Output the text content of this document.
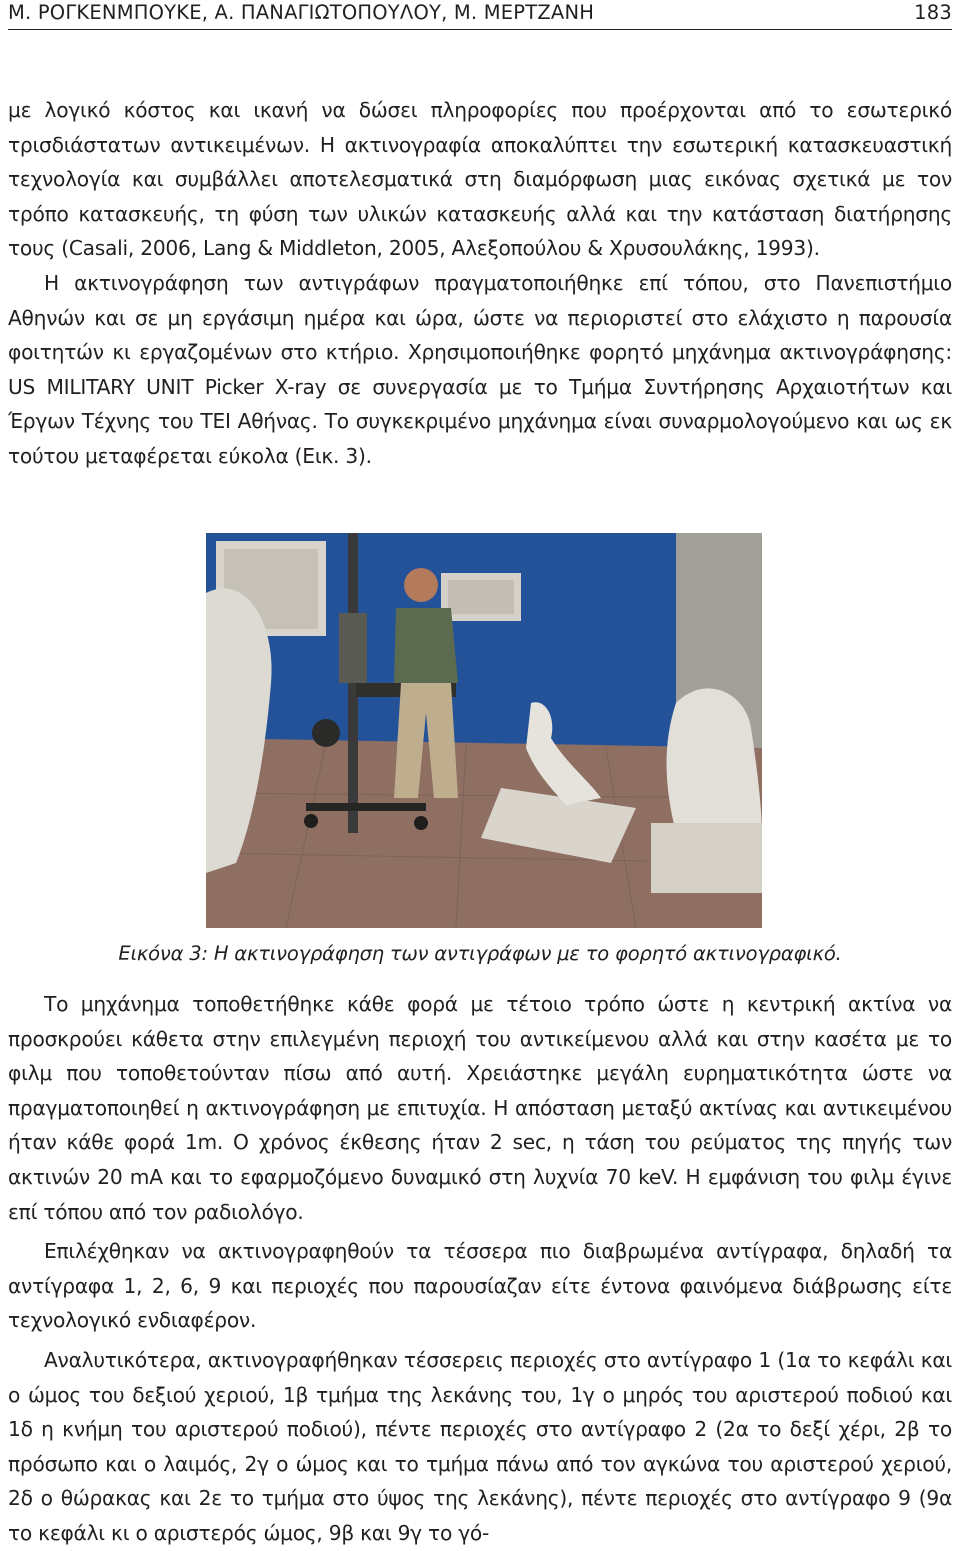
Μ. ΡΟΓΚΕΝΜΠΟΥΚΕ, Α. ΠΑΝΑΓΙΩΤΟΠΟΥΛΟΥ, Μ. ΜΕΡΤΖΑΝΗ	183

με λογικό κόστος και ικανή να δώσει πληροφορίες που προέρχονται από το εσωτερικό τρισδιάστατων αντικειμένων. Η ακτινογραφία αποκαλύπτει την εσωτερική κατασκευαστική τεχνολογία και συμβάλλει αποτελεσματικά στη διαμόρφωση μιας εικόνας σχετικά με τον τρόπο κατασκευής, τη φύση των υλικών κατασκευής αλλά και την κατάσταση διατήρησης τους (Casali, 2006, Lang & Middleton, 2005, Αλεξοπούλου & Χρυσουλάκης, 1993).

Η ακτινογράφηση των αντιγράφων πραγματοποιήθηκε επί τόπου, στο Πανεπιστήμιο Αθηνών και σε μη εργάσιμη ημέρα και ώρα, ώστε να περιοριστεί στο ελάχιστο η παρουσία φοιτητών κι εργαζομένων στο κτήριο. Χρησιμοποιήθηκε φορητό μηχάνημα ακτινογράφησης: US MILITARY UNIT Picker X-ray σε συνεργασία με το Τμήμα Συντήρησης Αρχαιοτήτων και Έργων Τέχνης του ΤΕΙ Αθήνας. Το συγκεκριμένο μηχάνημα είναι συναρμολογούμενο και ως εκ τούτου μεταφέρεται εύκολα (Εικ. 3).

Εικόνα 3: Η ακτινογράφηση των αντιγράφων με το φορητό ακτινογραφικό.

Το μηχάνημα τοποθετήθηκε κάθε φορά με τέτοιο τρόπο ώστε η κεντρική ακτίνα να προσκρούει κάθετα στην επιλεγμένη περιοχή του αντικείμενου αλλά και στην κασέτα με το φιλμ που τοποθετούνταν πίσω από αυτή. Χρειάστηκε μεγάλη ευρηματικότητα ώστε να πραγματοποιηθεί η ακτινογράφηση με επιτυχία. Η απόσταση μεταξύ ακτίνας και αντικειμένου ήταν κάθε φορά 1m. Ο χρόνος έκθεσης ήταν 2 sec, η τάση του ρεύματος της πηγής των ακτινών 20 mA και το εφαρμοζόμενο δυναμικό στη λυχνία 70 keV. Η εμφάνιση του φιλμ έγινε επί τόπου από τον ραδιολόγο.

Επιλέχθηκαν να ακτινογραφηθούν τα τέσσερα πιο διαβρωμένα αντίγραφα, δηλαδή τα αντίγραφα 1, 2, 6, 9 και περιοχές που παρουσίαζαν είτε έντονα φαινόμενα διάβρωσης είτε τεχνολογικό ενδιαφέρον.

Αναλυτικότερα, ακτινογραφήθηκαν τέσσερεις περιοχές στο αντίγραφο 1 (1α το κεφάλι και ο ώμος του δεξιού χεριού, 1β τμήμα της λεκάνης του, 1γ ο μηρός του αριστερού ποδιού και 1δ η κνήμη του αριστερού ποδιού), πέντε περιοχές στο αντίγραφο 2 (2α το δεξί χέρι, 2β το πρόσωπο και ο λαιμός, 2γ ο ώμος και το τμήμα πάνω από τον αγκώνα του αριστερού χεριού, 2δ ο θώρακας και 2ε το τμήμα στο ύψος της λεκάνης), πέντε περιοχές στο αντίγραφο 9 (9α το κεφάλι κι ο αριστερός ώμος, 9β και 9γ το γό-
